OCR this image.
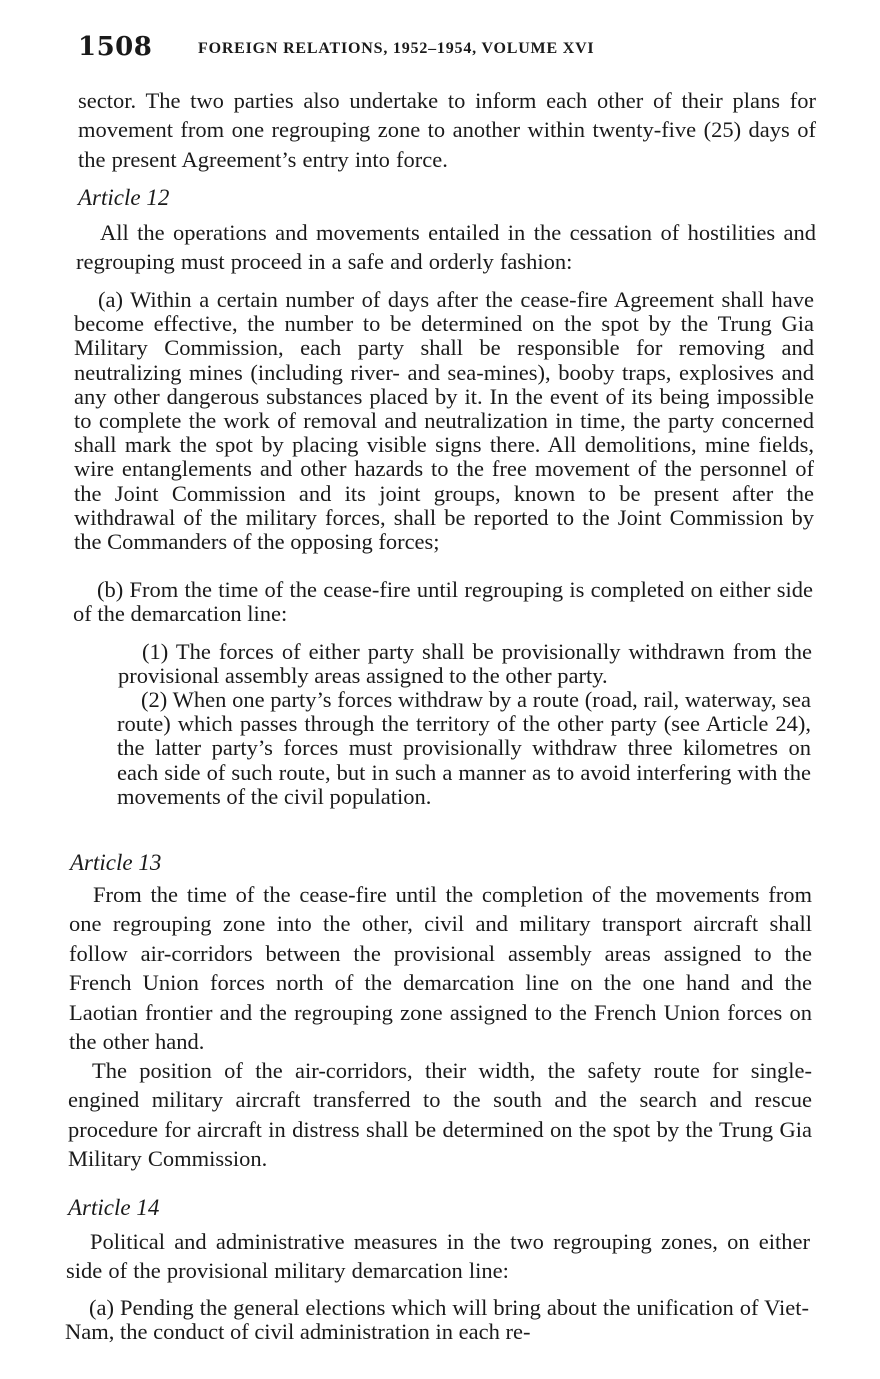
1508	FOREIGN RELATIONS, 1952–1954, VOLUME XVI

sector. The two parties also undertake to inform each other of their plans for movement from one regrouping zone to another within twenty-five (25) days of the present Agreement’s entry into force.

Article 12

All the operations and movements entailed in the cessation of hostilities and regrouping must proceed in a safe and orderly fashion:

(a) Within a certain number of days after the cease-fire Agreement shall have become effective, the number to be determined on the spot by the Trung Gia Military Commission, each party shall be responsible for removing and neutralizing mines (including river- and sea-mines), booby traps, explosives and any other dangerous substances placed by it. In the event of its being impossible to complete the work of removal and neutralization in time, the party concerned shall mark the spot by placing visible signs there. All demolitions, mine fields, wire entanglements and other hazards to the free movement of the personnel of the Joint Commission and its joint groups, known to be present after the withdrawal of the military forces, shall be reported to the Joint Commission by the Commanders of the opposing forces;

(b) From the time of the cease-fire until regrouping is completed on either side of the demarcation line:

(1) The forces of either party shall be provisionally withdrawn from the provisional assembly areas assigned to the other party.

(2) When one party’s forces withdraw by a route (road, rail, waterway, sea route) which passes through the territory of the other party (see Article 24), the latter party’s forces must provisionally withdraw three kilometres on each side of such route, but in such a manner as to avoid interfering with the movements of the civil population.

Article 13

From the time of the cease-fire until the completion of the movements from one regrouping zone into the other, civil and military transport aircraft shall follow air-corridors between the provisional assembly areas assigned to the French Union forces north of the demarcation line on the one hand and the Laotian frontier and the regrouping zone assigned to the French Union forces on the other hand.

The position of the air-corridors, their width, the safety route for single-engined military aircraft transferred to the south and the search and rescue procedure for aircraft in distress shall be determined on the spot by the Trung Gia Military Commission.

Article 14

Political and administrative measures in the two regrouping zones, on either side of the provisional military demarcation line:

(a) Pending the general elections which will bring about the unification of Viet-Nam, the conduct of civil administration in each re-
